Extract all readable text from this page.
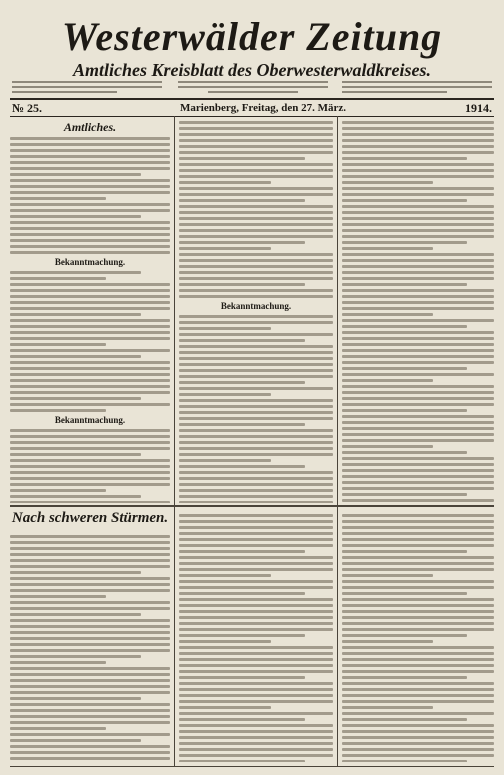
Westerwälder Zeitung
Amtliches Kreisblatt des Oberwesterwaldkreises.
№ 25.	Marienberg, Freitag, den 27. März.	1914.
Amtliches.
Bekanntmachung.
Bekanntmachung.
Bekanntmachung.
Nach schweren Stürmen.
